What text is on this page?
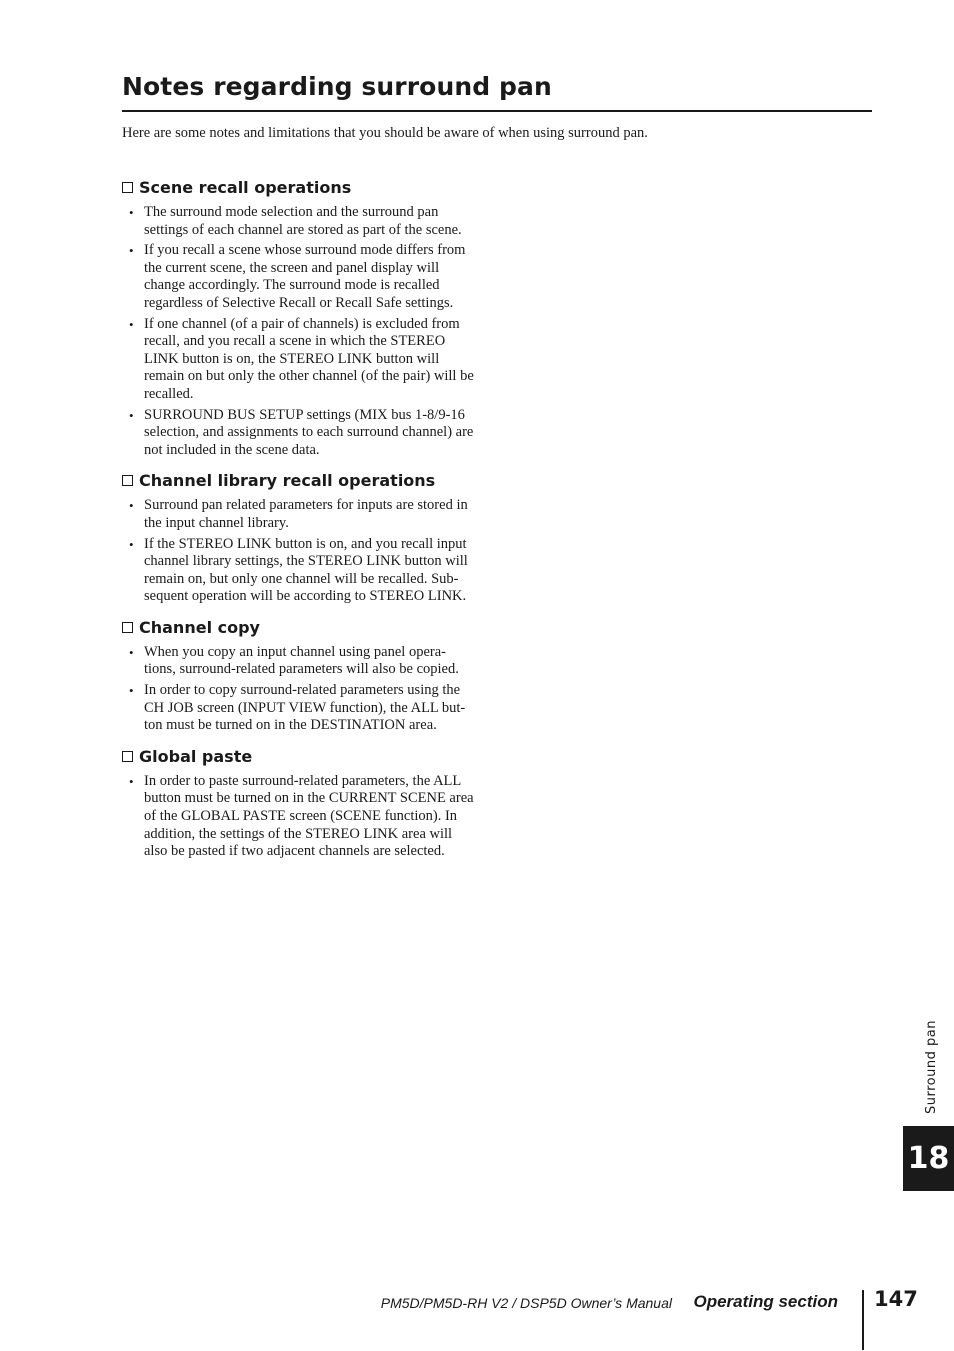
Notes regarding surround pan

Here are some notes and limitations that you should be aware of when using surround pan.

Scene recall operations
• The surround mode selection and the surround pan settings of each channel are stored as part of the scene.
• If you recall a scene whose surround mode differs from the current scene, the screen and panel display will change accordingly. The surround mode is recalled regardless of Selective Recall or Recall Safe settings.
• If one channel (of a pair of channels) is excluded from recall, and you recall a scene in which the STEREO LINK button is on, the STEREO LINK button will remain on but only the other channel (of the pair) will be recalled.
• SURROUND BUS SETUP settings (MIX bus 1-8/9-16 selection, and assignments to each surround channel) are not included in the scene data.
Channel library recall operations
• Surround pan related parameters for inputs are stored in the input channel library.
• If the STEREO LINK button is on, and you recall input channel library settings, the STEREO LINK button will remain on, but only one channel will be recalled. Sub-sequent operation will be according to STEREO LINK.
Channel copy
• When you copy an input channel using panel opera-tions, surround-related parameters will also be copied.
• In order to copy surround-related parameters using the CH JOB screen (INPUT VIEW function), the ALL but-ton must be turned on in the DESTINATION area.
Global paste
• In order to paste surround-related parameters, the ALL button must be turned on in the CURRENT SCENE area of the GLOBAL PASTE screen (SCENE function). In addition, the settings of the STEREO LINK area will also be pasted if two adjacent channels are selected.
Surround pan
18
PM5D/PM5D-RH V2 / DSP5D Owner’s Manual Operating section 147
